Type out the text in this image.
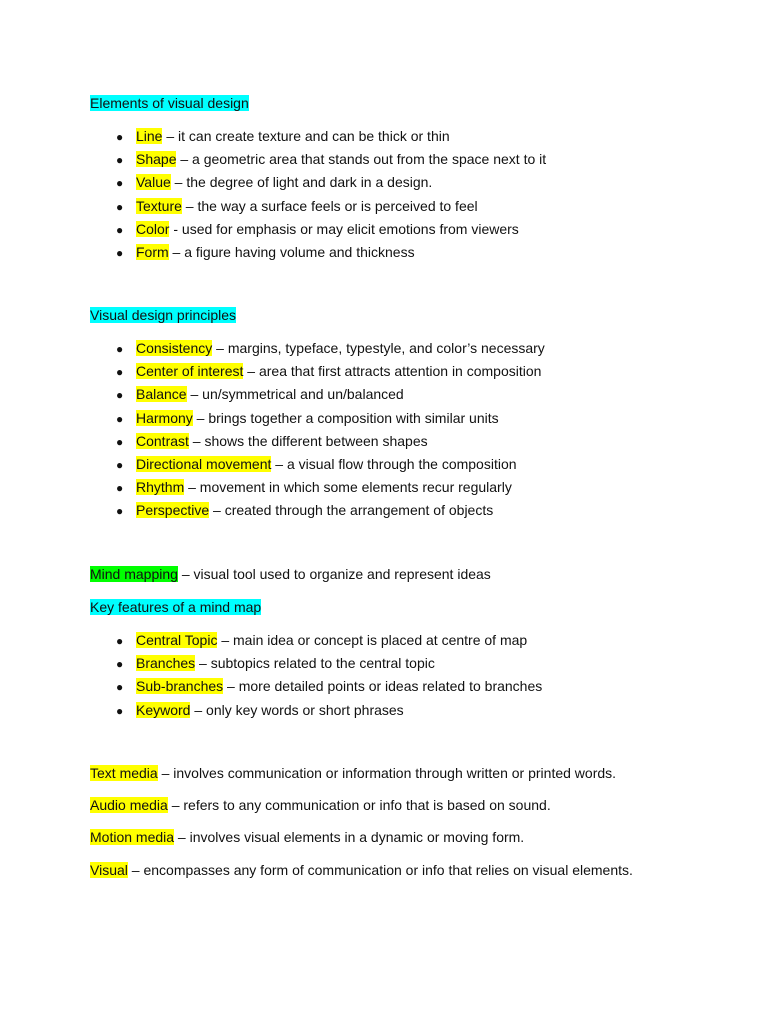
Elements of visual design
● Line – it can create texture and can be thick or thin
● Shape – a geometric area that stands out from the space next to it
● Value – the degree of light and dark in a design.
● Texture – the way a surface feels or is perceived to feel
● Color - used for emphasis or may elicit emotions from viewers
● Form – a figure having volume and thickness
Visual design principles
● Consistency – margins, typeface, typestyle, and color’s necessary
● Center of interest – area that first attracts attention in composition
● Balance – un/symmetrical and un/balanced
● Harmony – brings together a composition with similar units
● Contrast – shows the different between shapes
● Directional movement – a visual flow through the composition
● Rhythm – movement in which some elements recur regularly
● Perspective – created through the arrangement of objects
Mind mapping – visual tool used to organize and represent ideas
Key features of a mind map
● Central Topic – main idea or concept is placed at centre of map
● Branches – subtopics related to the central topic
● Sub-branches – more detailed points or ideas related to branches
● Keyword – only key words or short phrases
Text media – involves communication or information through written or printed words.
Audio media – refers to any communication or info that is based on sound.
Motion media – involves visual elements in a dynamic or moving form.
Visual – encompasses any form of communication or info that relies on visual elements.
